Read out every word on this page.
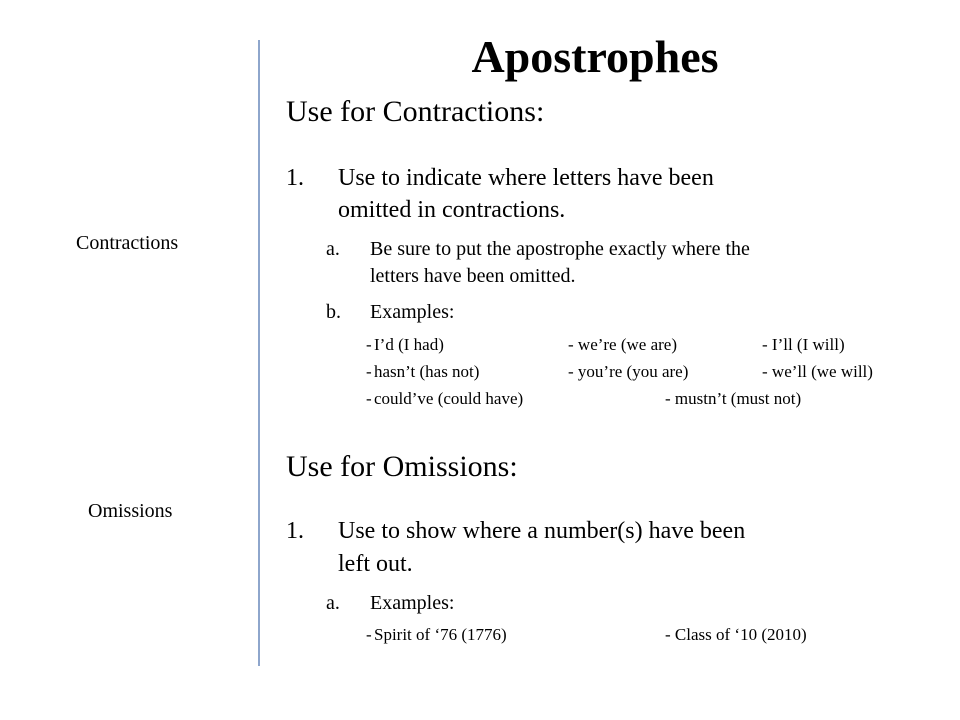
Apostrophes
Contractions
Omissions
Use for Contractions:
1. Use to indicate where letters have been
omitted in contractions.
a. Be sure to put the apostrophe exactly where the
letters have been omitted.
b. Examples:
- I’d (I had)	- we’re (we are)	- I’ll (I will)
- hasn’t (has not)	- you’re (you are)	- we’ll (we will)
- could’ve (could have)	- mustn’t (must not)
Use for Omissions:
1. Use to show where a number(s) have been
left out.
a. Examples:
- Spirit of ‘76 (1776)	- Class of ‘10 (2010)
